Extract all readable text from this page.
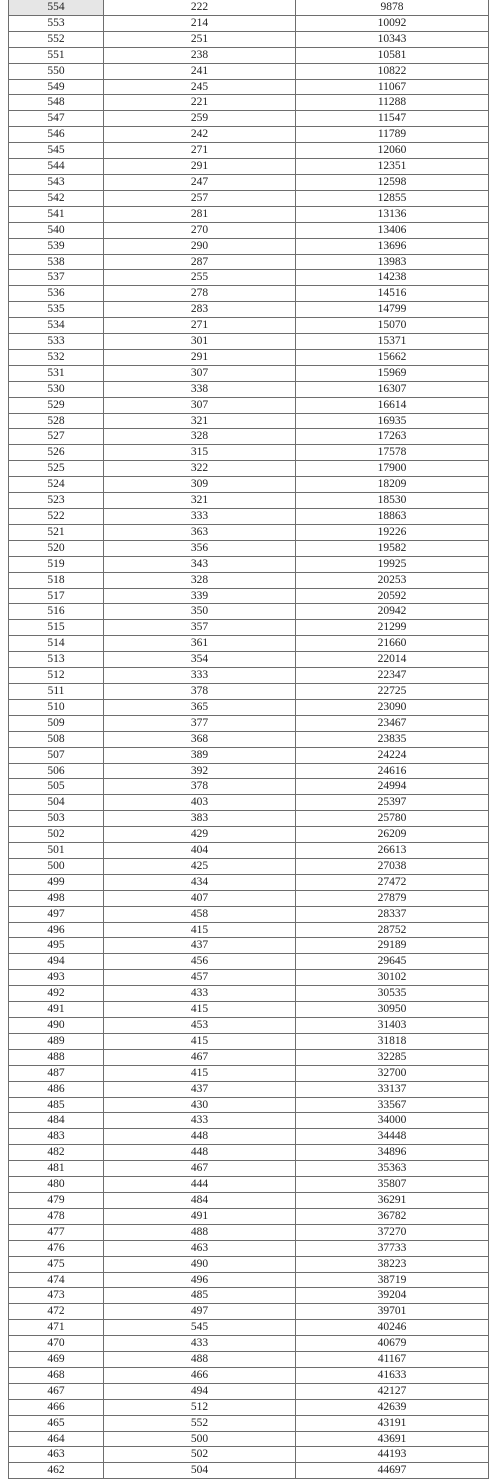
554	222	9878
553	214	10092
552	251	10343
551	238	10581
550	241	10822
549	245	11067
548	221	11288
547	259	11547
546	242	11789
545	271	12060
544	291	12351
543	247	12598
542	257	12855
541	281	13136
540	270	13406
539	290	13696
538	287	13983
537	255	14238
536	278	14516
535	283	14799
534	271	15070
533	301	15371
532	291	15662
531	307	15969
530	338	16307
529	307	16614
528	321	16935
527	328	17263
526	315	17578
525	322	17900
524	309	18209
523	321	18530
522	333	18863
521	363	19226
520	356	19582
519	343	19925
518	328	20253
517	339	20592
516	350	20942
515	357	21299
514	361	21660
513	354	22014
512	333	22347
511	378	22725
510	365	23090
509	377	23467
508	368	23835
507	389	24224
506	392	24616
505	378	24994
504	403	25397
503	383	25780
502	429	26209
501	404	26613
500	425	27038
499	434	27472
498	407	27879
497	458	28337
496	415	28752
495	437	29189
494	456	29645
493	457	30102
492	433	30535
491	415	30950
490	453	31403
489	415	31818
488	467	32285
487	415	32700
486	437	33137
485	430	33567
484	433	34000
483	448	34448
482	448	34896
481	467	35363
480	444	35807
479	484	36291
478	491	36782
477	488	37270
476	463	37733
475	490	38223
474	496	38719
473	485	39204
472	497	39701
471	545	40246
470	433	40679
469	488	41167
468	466	41633
467	494	42127
466	512	42639
465	552	43191
464	500	43691
463	502	44193
462	504	44697
